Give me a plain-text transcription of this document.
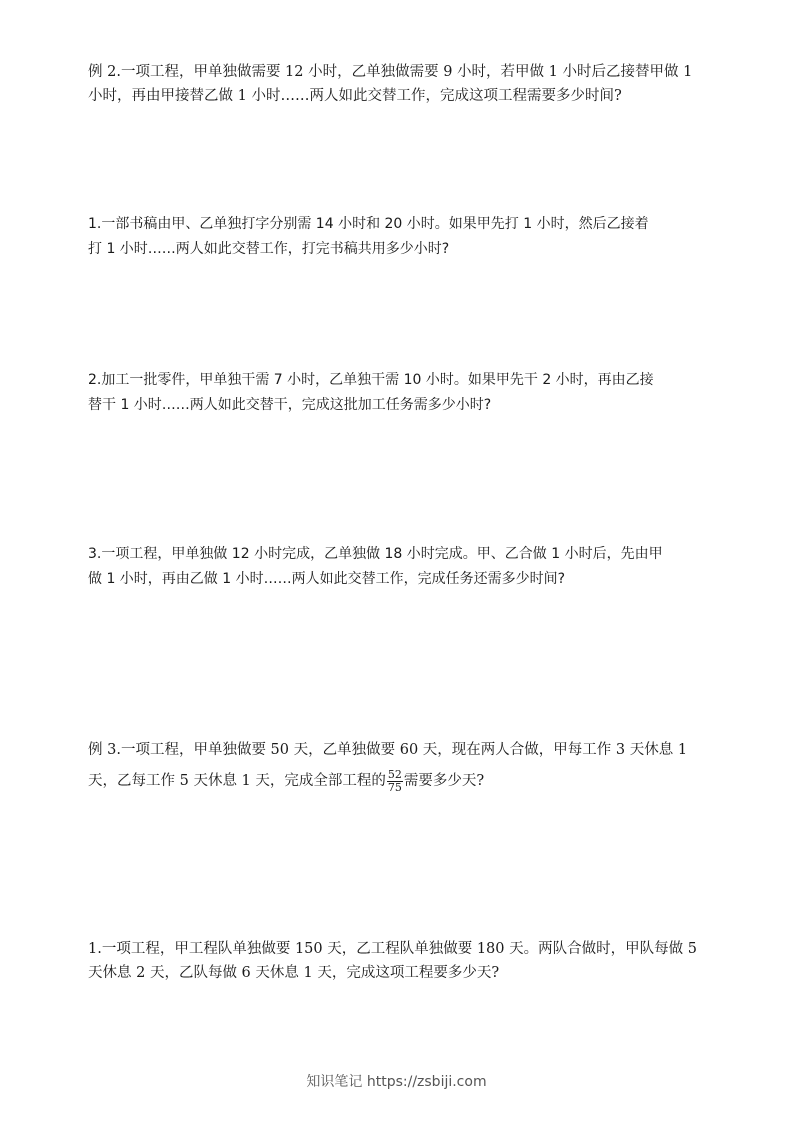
例 2.一项工程，甲单独做需要 12 小时，乙单独做需要 9 小时，若甲做 1 小时后乙接替甲做 1
小时，再由甲接替乙做 1 小时……两人如此交替工作，完成这项工程需要多少时间?
1.一部书稿由甲、乙单独打字分别需 14 小时和 20 小时。如果甲先打 1 小时，然后乙接着
打 1 小时……两人如此交替工作，打完书稿共用多少小时?
2.加工一批零件，甲单独干需 7 小时，乙单独干需 10 小时。如果甲先干 2 小时，再由乙接
替干 1 小时……两人如此交替干，完成这批加工任务需多少小时?
3.一项工程，甲单独做 12 小时完成，乙单独做 18 小时完成。甲、乙合做 1 小时后，先由甲
做 1 小时，再由乙做 1 小时……两人如此交替工作，完成任务还需多少时间?
例 3.一项工程，甲单独做要 50 天，乙单独做要 60 天，现在两人合做，甲每工作 3 天休息 1
天，乙每工作 5 天休息 1 天，完成全部工程的 $\frac{52}{75}$ 需要多少天?
1.一项工程，甲工程队单独做要 150 天，乙工程队单独做要 180 天。两队合做时，甲队每做 5
天休息 2 天，乙队每做 6 天休息 1 天，完成这项工程要多少天?
知识笔记 https://zsbiji.com
